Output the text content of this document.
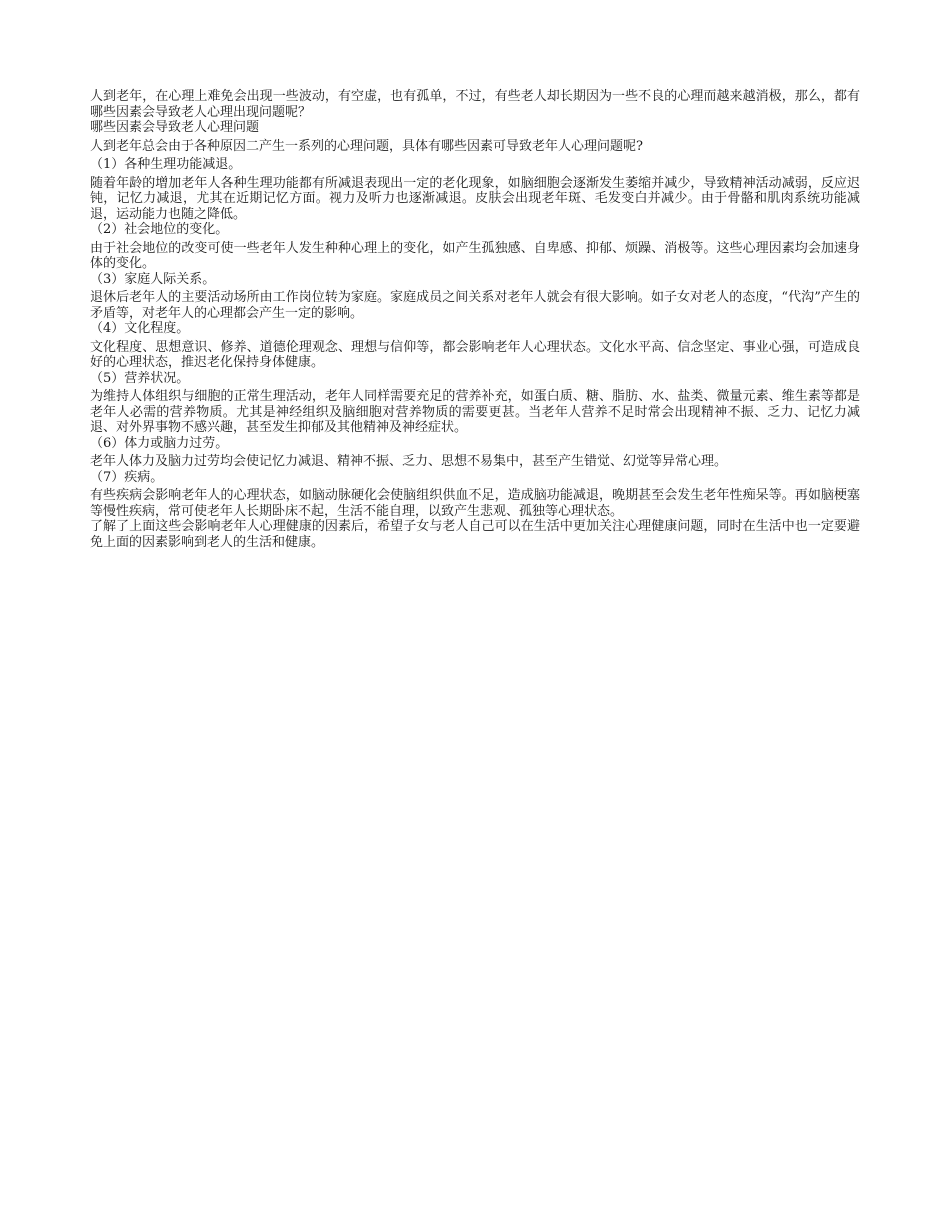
人到老年，在心理上难免会出现一些波动，有空虚，也有孤单，不过，有些老人却长期因为一些不良的心理而越来越消极，那么，都有哪些因素会导致老人心理出现问题呢？

哪些因素会导致老人心理问题

人到老年总会由于各种原因二产生一系列的心理问题，具体有哪些因素可导致老年人心理问题呢?

（1）各种生理功能减退。

随着年龄的增加老年人各种生理功能都有所减退表现出一定的老化现象，如脑细胞会逐渐发生萎缩并减少，导致精神活动减弱，反应迟钝，记忆力减退，尤其在近期记忆方面。视力及听力也逐渐减退。皮肤会出现老年斑、毛发变白并减少。由于骨骼和肌肉系统功能减退，运动能力也随之降低。

（2）社会地位的变化。

由于社会地位的改变可使一些老年人发生种种心理上的变化，如产生孤独感、自卑感、抑郁、烦躁、消极等。这些心理因素均会加速身体的变化。

（3）家庭人际关系。

退休后老年人的主要活动场所由工作岗位转为家庭。家庭成员之间关系对老年人就会有很大影响。如子女对老人的态度，“代沟”产生的矛盾等，对老年人的心理都会产生一定的影响。

（4）文化程度。

文化程度、思想意识、修养、道德伦理观念、理想与信仰等，都会影响老年人心理状态。文化水平高、信念坚定、事业心强，可造成良好的心理状态，推迟老化保持身体健康。

（5）营养状况。

为维持人体组织与细胞的正常生理活动，老年人同样需要充足的营养补充，如蛋白质、糖、脂肪、水、盐类、微量元素、维生素等都是老年人必需的营养物质。尤其是神经组织及脑细胞对营养物质的需要更甚。当老年人营养不足时常会出现精神不振、乏力、记忆力减退、对外界事物不感兴趣，甚至发生抑郁及其他精神及神经症状。

（6）体力或脑力过劳。

老年人体力及脑力过劳均会使记忆力减退、精神不振、乏力、思想不易集中，甚至产生错觉、幻觉等异常心理。

（7）疾病。

有些疾病会影响老年人的心理状态，如脑动脉硬化会使脑组织供血不足，造成脑功能减退，晚期甚至会发生老年性痴呆等。再如脑梗塞等慢性疾病，常可使老年人长期卧床不起，生活不能自理，以致产生悲观、孤独等心理状态。

了解了上面这些会影响老年人心理健康的因素后，希望子女与老人自己可以在生活中更加关注心理健康问题，同时在生活中也一定要避免上面的因素影响到老人的生活和健康。
